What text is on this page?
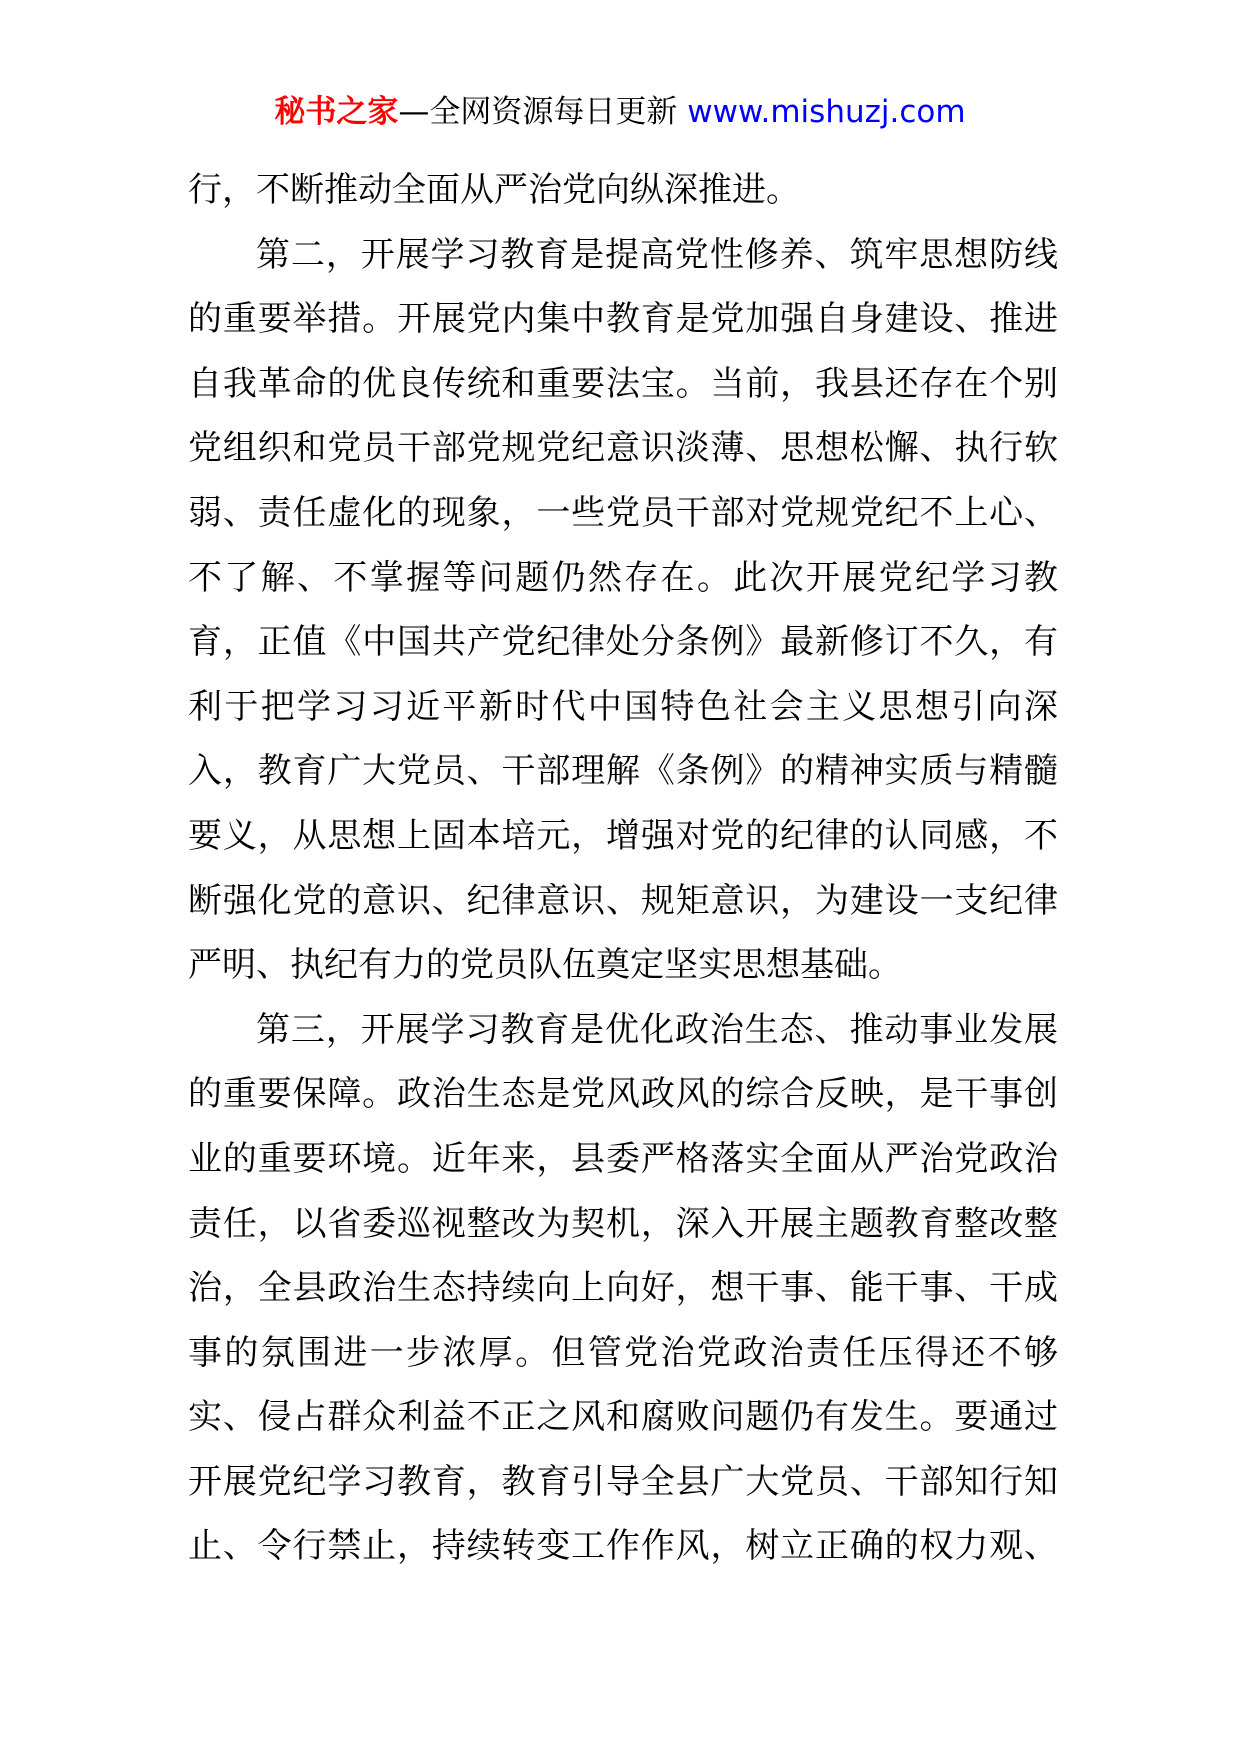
秘书之家—全网资源每日更新 www.mishuzj.com
行，不断推动全面从严治党向纵深推进。
第二，开展学习教育是提高党性修养、筑牢思想防线
的重要举措。开展党内集中教育是党加强自身建设、推进
自我革命的优良传统和重要法宝。当前，我县还存在个别
党组织和党员干部党规党纪意识淡薄、思想松懈、执行软
弱、责任虚化的现象，一些党员干部对党规党纪不上心、
不了解、不掌握等问题仍然存在。此次开展党纪学习教
育，正值《中国共产党纪律处分条例》最新修订不久，有
利于把学习习近平新时代中国特色社会主义思想引向深
入，教育广大党员、干部理解《条例》的精神实质与精髓
要义，从思想上固本培元，增强对党的纪律的认同感，不
断强化党的意识、纪律意识、规矩意识，为建设一支纪律
严明、执纪有力的党员队伍奠定坚实思想基础。
第三，开展学习教育是优化政治生态、推动事业发展
的重要保障。政治生态是党风政风的综合反映，是干事创
业的重要环境。近年来，县委严格落实全面从严治党政治
责任，以省委巡视整改为契机，深入开展主题教育整改整
治，全县政治生态持续向上向好，想干事、能干事、干成
事的氛围进一步浓厚。但管党治党政治责任压得还不够
实、侵占群众利益不正之风和腐败问题仍有发生。要通过
开展党纪学习教育，教育引导全县广大党员、干部知行知
止、令行禁止，持续转变工作作风，树立正确的权力观、
